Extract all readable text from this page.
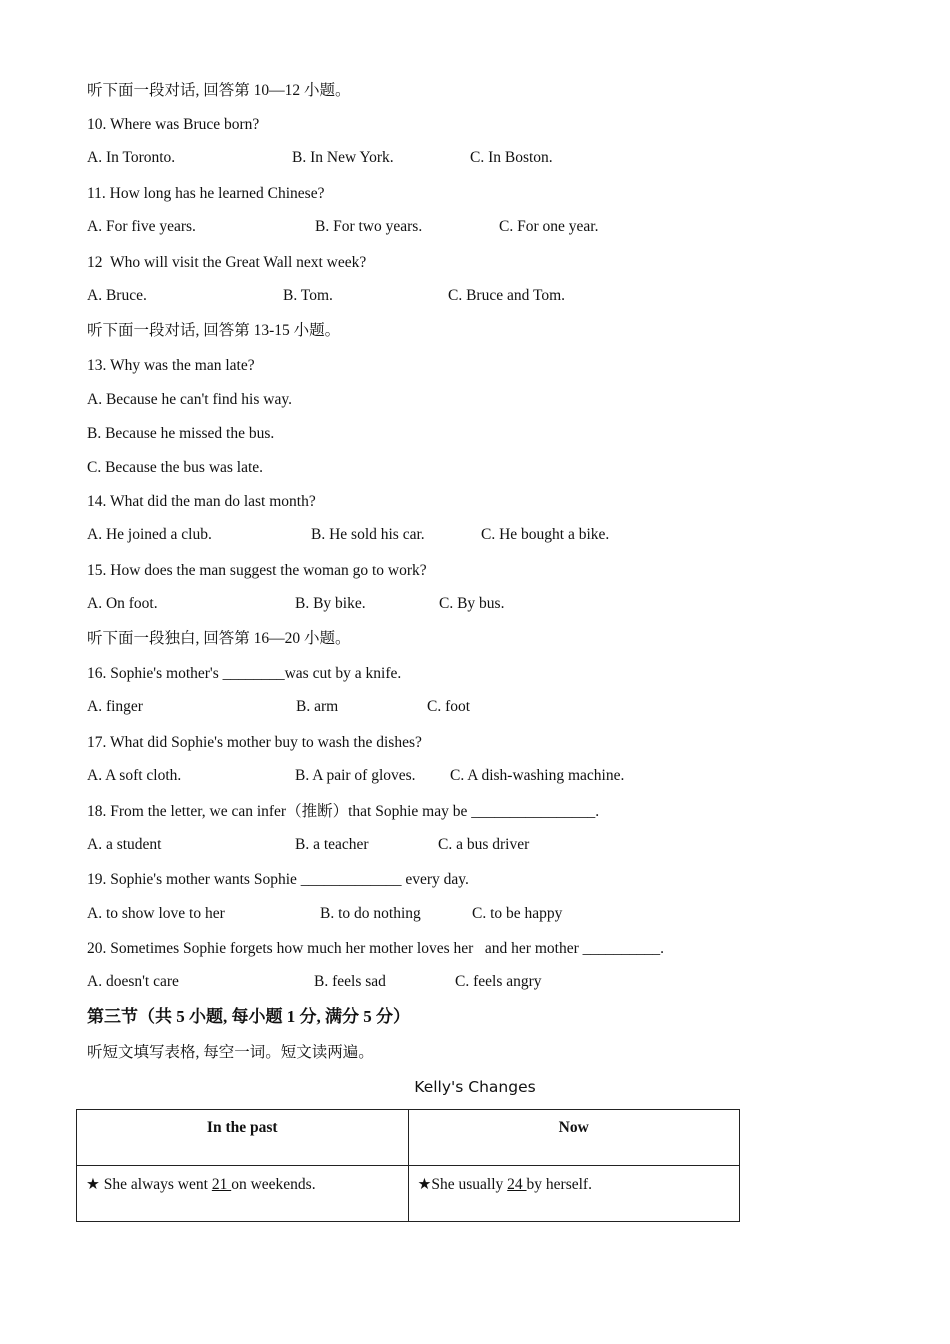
听下面一段对话, 回答第 10—12 小题。
10. Where was Bruce born?
A. In Toronto.	B. In New York.	C. In Boston.
11. How long has he learned Chinese?
A. For five years.	B. For two years.	C. For one year.
12  Who will visit the Great Wall next week?
A. Bruce.	B. Tom.	C. Bruce and Tom.
听下面一段对话, 回答第 13-15 小题。
13. Why was the man late?
A. Because he can't find his way.
B. Because he missed the bus.
C. Because the bus was late.
14. What did the man do last month?
A. He joined a club.	B. He sold his car.	C. He bought a bike.
15. How does the man suggest the woman go to work?
A. On foot.	B. By bike.	C. By bus.
听下面一段独白, 回答第 16—20 小题。
16. Sophie's mother's ________was cut by a knife.
A. finger	B. arm	C. foot
17. What did Sophie's mother buy to wash the dishes?
A. A soft cloth.	B. A pair of gloves. C. A dish-washing machine.
18. From the letter, we can infer（推断）that Sophie may be ________________.
A. a student	B. a teacher	C. a bus driver
19. Sophie's mother wants Sophie _____________ every day.
A. to show love to her	B. to do nothing	C. to be happy
20. Sometimes Sophie forgets how much her mother loves her   and her mother __________.
A. doesn't care	B. feels sad	C. feels angry
第三节（共 5 小题, 每小题 1 分, 满分 5 分）
听短文填写表格, 每空一词。短文读两遍。
Kelly's Changes
In the past	Now
★ She always went 21 on weekends.	★She usually 24 by herself.
